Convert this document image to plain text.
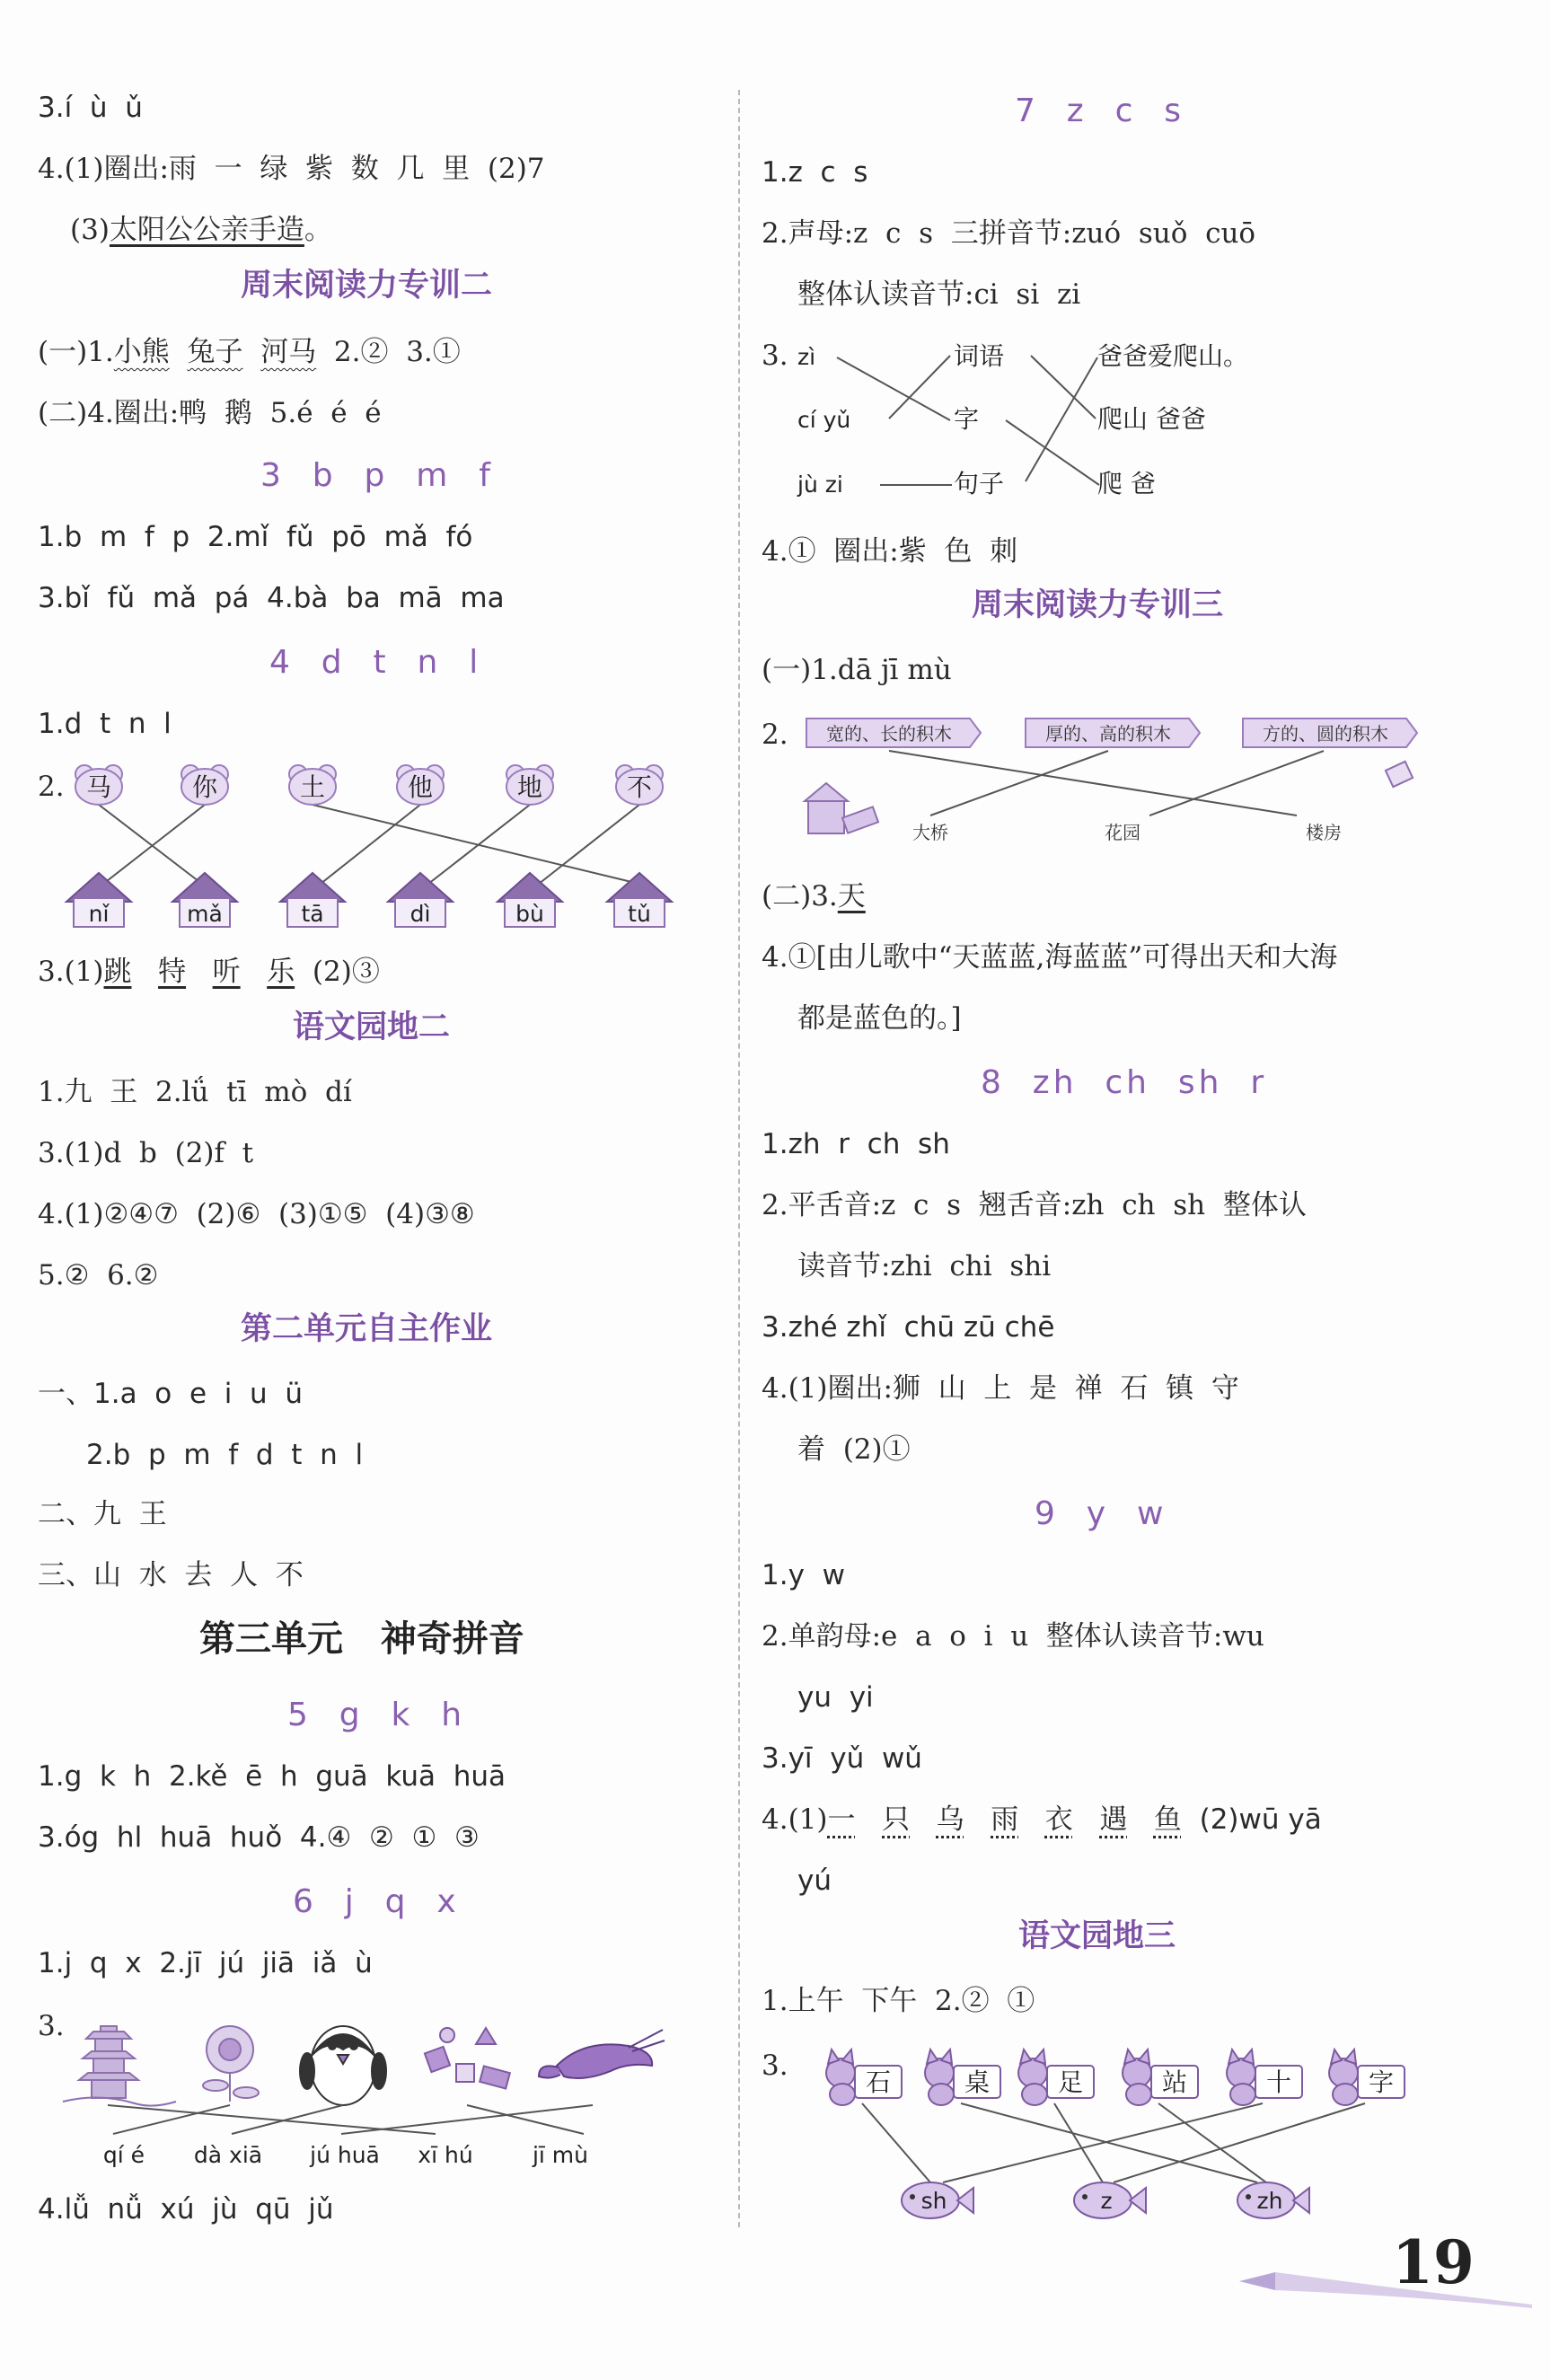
3.í  ù  ǔ
4.(1)圈出:雨  一  绿  紫  数  几  里  (2)7
(3)太阳公公亲手造。
周末阅读力专训二
(一)1.小熊 兔子 河马 2.②  3.①
(二)4.圈出:鸭  鹅  5.é  é  é
3  b  p  m  f
1.b  m  f  p  2.mǐ  fǔ  pō  mǎ  fó
3.bǐ  fǔ  mǎ  pá  4.bà  ba  mā  ma
4  d  t  n  l
1.d  t  n  l
2. 马	你	土	他	地	不
nǐ	mǎ	tā	dì	bù	tǔ
3.(1)跳 特 听 乐 (2)③
语文园地二
1.九  王  2.lǘ  tī  mò  dí
3.(1)d  b  (2)f  t
4.(1)②④⑦  (2)⑥  (3)①⑤  (4)③⑧
5.②  6.②
第二单元自主作业
一、1.a  o  e  i  u  ü
2.b  p  m  f  d  t  n  l
二、九  王
三、山  水  去  人  不
第三单元   神奇拼音
5  g  k  h
1.g  k  h  2.kě  ē  h  guā  kuā  huā
3.óg  hl  huā  huǒ  4.④  ②  ①  ③
6  j  q  x
1.j  q  x  2.jī  jú  jiā  iǎ  ù
3.
qí é dà xiā jú huā xī hú	jī mù
4.lǚ  nǚ  xú  jù  qū  jǔ
7  z  c  s
1.z  c  s
2.声母:z  c  s  三拼音节:zuó  suǒ  cuō
整体认读音节:ci  si  zi
3. zì
cí yǔ
jù zi
词语
字
句子
爸爸爱爬山。
爬山 爸爸
爬 爸
4.①  圈出:紫  色  刺
周末阅读力专训三
(一)1.dā jī mù
2. 宽的、长的积木	厚的、高的积木	方的、圆的积木
大桥	花园	楼房
(二)3.天
4.①[由儿歌中“天蓝蓝,海蓝蓝”可得出天和大海
都是蓝色的。]
8  zh  ch  sh  r
1.zh  r  ch  sh
2.平舌音:z  c  s  翘舌音:zh  ch  sh  整体认
读音节:zhi  chi  shi
3.zhé zhǐ  chū zū chē
4.(1)圈出:狮  山  上  是  禅  石  镇  守
着  (2)①
9  y  w
1.y  w
2.单韵母:e  a  o  i  u  整体认读音节:wu
yu  yi
3.yī  yǔ  wǔ
4.(1)一 只 乌 雨 衣 遇 鱼 (2)wū yā
yú
语文园地三
1.上午  下午  2.②  ①
3.
石	桌	足	站	十	字
sh	z	zh
19
